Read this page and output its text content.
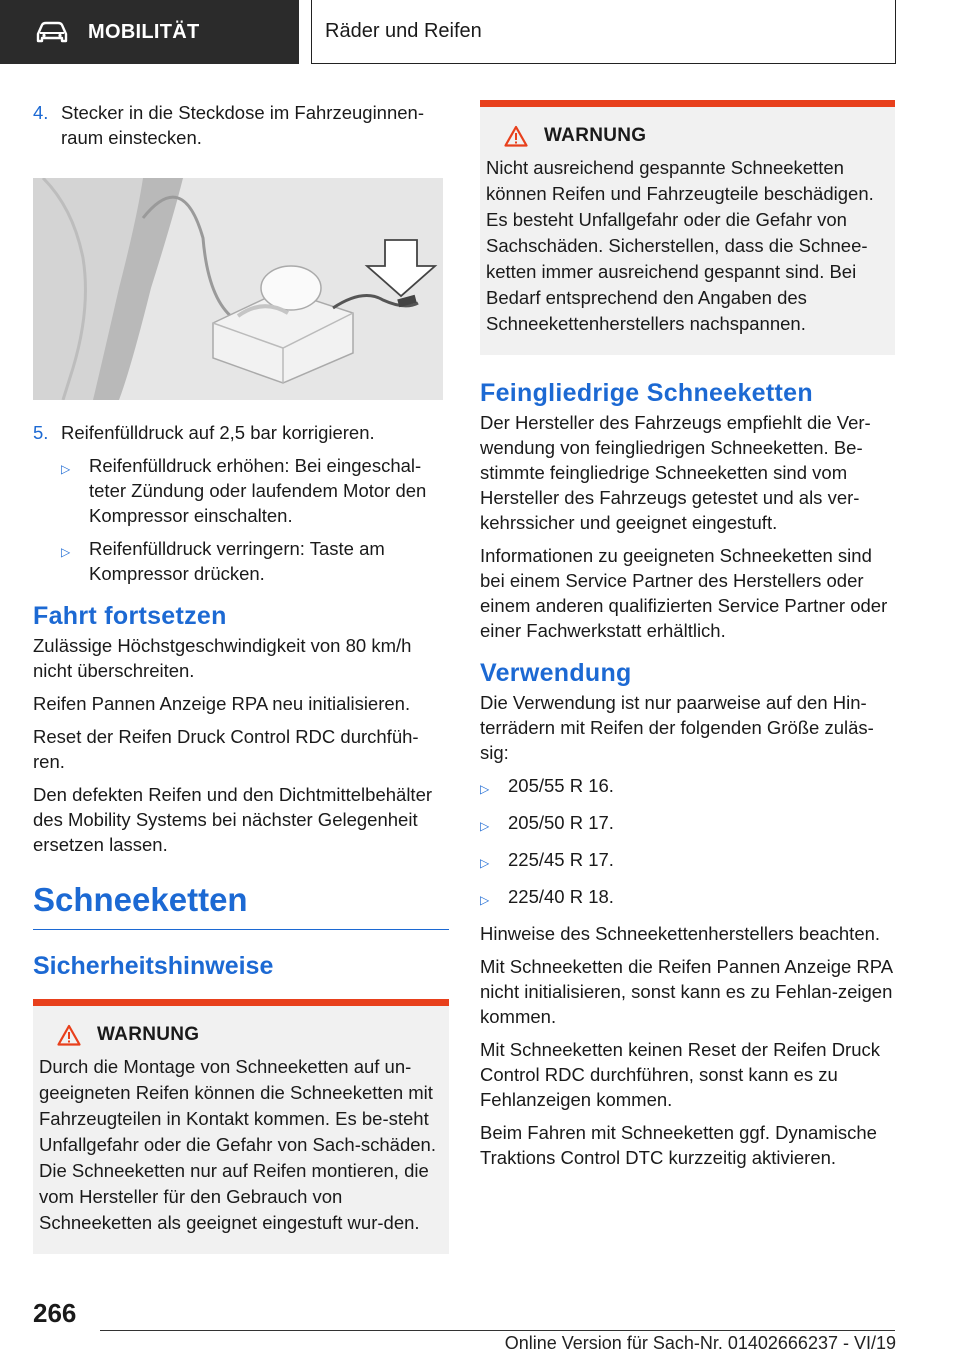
MOBILITÄT	Räder und Reifen
4. Stecker in die Steckdose im Fahrzeuginnen-raum einstecken.
5. Reifenfülldruck auf 2,5 bar korrigieren.
▷	Reifenfülldruck erhöhen: Bei eingeschal-teter Zündung oder laufendem Motor den Kompressor einschalten.
▷	Reifenfülldruck verringern: Taste am Kompressor drücken.
Fahrt fortsetzen
Zulässige Höchstgeschwindigkeit von 80 km/h nicht überschreiten.
Reifen Pannen Anzeige RPA neu initialisieren.
Reset der Reifen Druck Control RDC durchfüh-ren.
Den defekten Reifen und den Dichtmittelbehälter des Mobility Systems bei nächster Gelegenheit ersetzen lassen.
Schneeketten
Sicherheitshinweise
WARNUNG
Durch die Montage von Schneeketten auf un-geeigneten Reifen können die Schneeketten mit Fahrzeugteilen in Kontakt kommen. Es be-steht Unfallgefahr oder die Gefahr von Sach-schäden. Die Schneeketten nur auf Reifen montieren, die vom Hersteller für den Gebrauch von Schneeketten als geeignet eingestuft wur-den.
WARNUNG
Nicht ausreichend gespannte Schneeketten können Reifen und Fahrzeugteile beschädigen. Es besteht Unfallgefahr oder die Gefahr von Sachschäden. Sicherstellen, dass die Schnee-ketten immer ausreichend gespannt sind. Bei Bedarf entsprechend den Angaben des Schneekettenherstellers nachspannen.
Feingliedrige Schneeketten
Der Hersteller des Fahrzeugs empfiehlt die Ver-wendung von feingliedrigen Schneeketten. Be-stimmte feingliedrige Schneeketten sind vom Hersteller des Fahrzeugs getestet und als ver-kehrssicher und geeignet eingestuft.
Informationen zu geeigneten Schneeketten sind bei einem Service Partner des Herstellers oder einem anderen qualifizierten Service Partner oder einer Fachwerkstatt erhältlich.
Verwendung
Die Verwendung ist nur paarweise auf den Hin-terrädern mit Reifen der folgenden Größe zuläs-sig:
▷	205/55 R 16.
▷	205/50 R 17.
▷	225/45 R 17.
▷	225/40 R 18.
Hinweise des Schneekettenherstellers beachten.
Mit Schneeketten die Reifen Pannen Anzeige RPA nicht initialisieren, sonst kann es zu Fehlan-zeigen kommen.
Mit Schneeketten keinen Reset der Reifen Druck Control RDC durchführen, sonst kann es zu Fehlanzeigen kommen.
Beim Fahren mit Schneeketten ggf. Dynamische Traktions Control DTC kurzzeitig aktivieren.
266
Online Version für Sach-Nr. 01402666237 - VI/19
